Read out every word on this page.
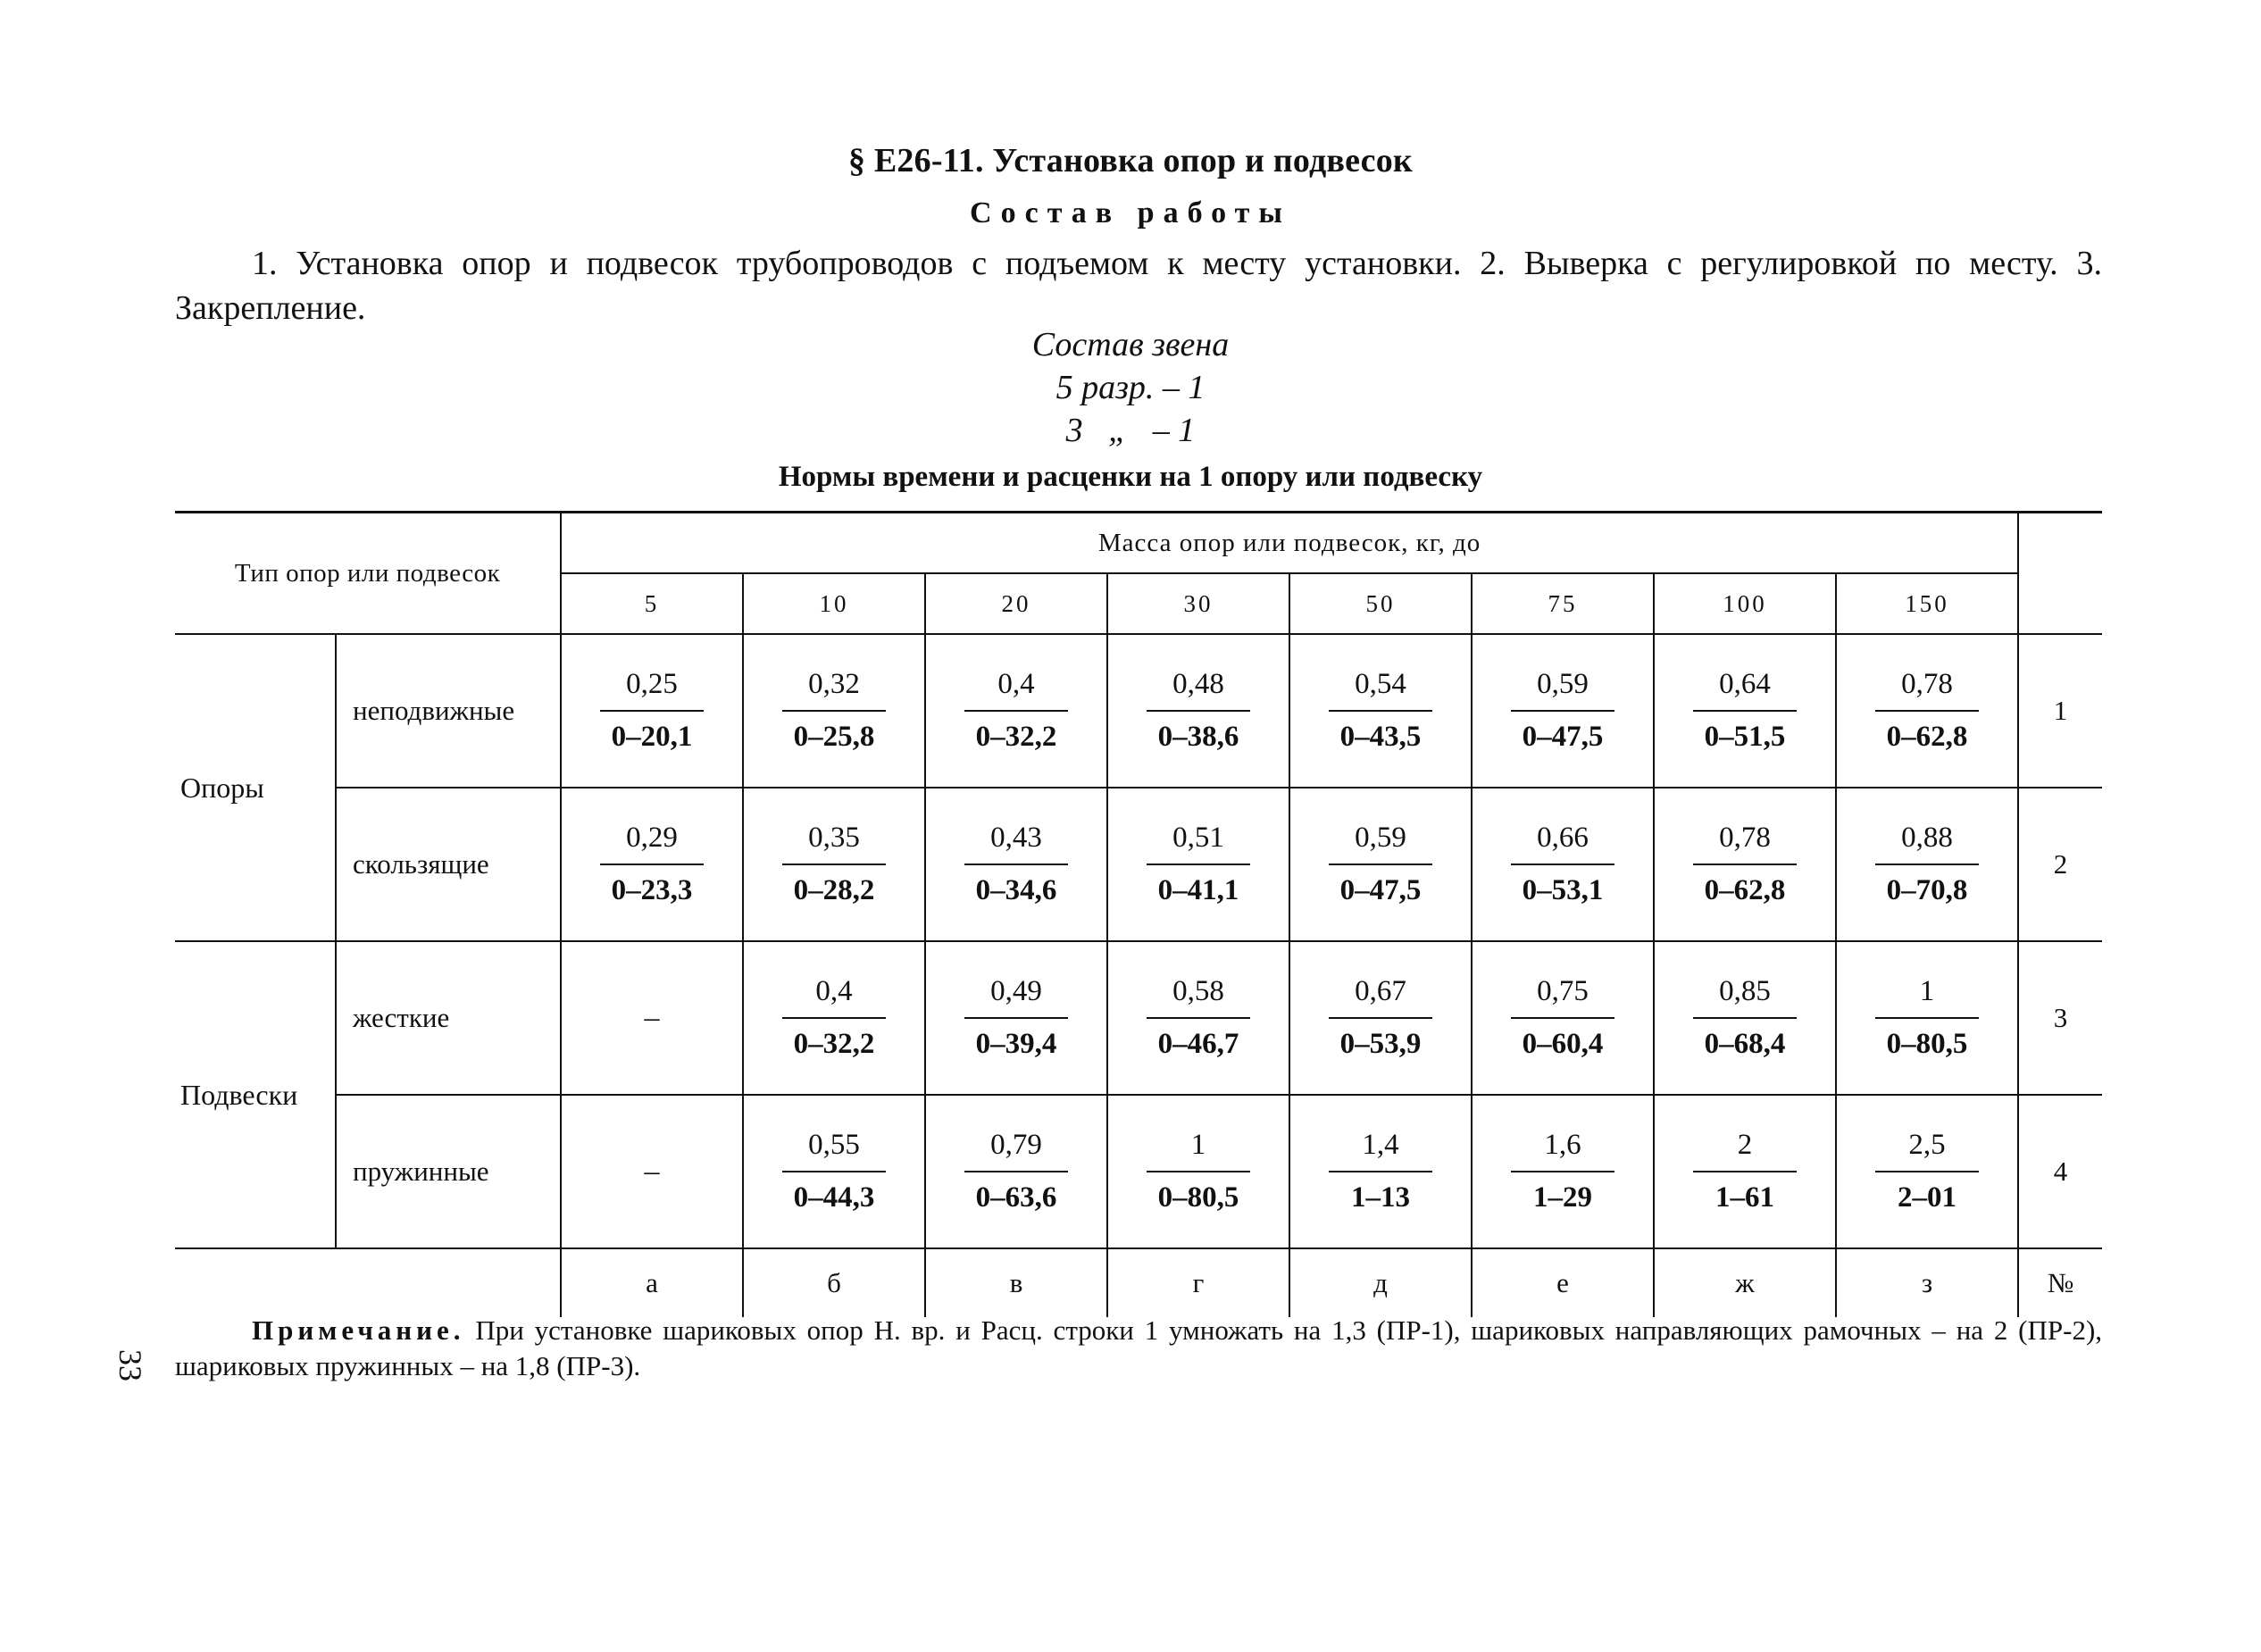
§ Е26-11. Установка опор и подвесок
Состав работы
1. Установка опор и подвесок трубопроводов с подъемом к месту установки. 2. Выверка с регулировкой по месту. 3. Закрепление.
Состав звена
5 разр. – 1
3   „   – 1
Нормы времени и расценки на 1 опору или подвеску
Тип опор или подвесок		Масса опор или подвесок, кг, до								
		5	10	20	30	50	75	100	150	
Опоры	неподвижные	$\frac{0,25}{0-20,1}$	$\frac{0,32}{0-25,8}$	$\frac{0,4}{0-32,2}$	$\frac{0,48}{0-38,6}$	$\frac{0,54}{0-43,5}$	$\frac{0,59}{0-47,5}$	$\frac{0,64}{0-51,5}$	$\frac{0,78}{0-62,8}$	1
	скользящие	$\frac{0,29}{0-23,3}$	$\frac{0,35}{0-28,2}$	$\frac{0,43}{0-34,6}$	$\frac{0,51}{0-41,1}$	$\frac{0,59}{0-47,5}$	$\frac{0,66}{0-53,1}$	$\frac{0,78}{0-62,8}$	$\frac{0,88}{0-70,8}$	2
Подвески	жесткие	–	$\frac{0,4}{0-32,2}$	$\frac{0,49}{0-39,4}$	$\frac{0,58}{0-46,7}$	$\frac{0,67}{0-53,9}$	$\frac{0,75}{0-60,4}$	$\frac{0,85}{0-68,4}$	$\frac{1}{0-80,5}$	3
	пружинные	–	$\frac{0,55}{0-44,3}$	$\frac{0,79}{0-63,6}$	$\frac{1}{0-80,5}$	$\frac{1,4}{1-13}$	$\frac{1,6}{1-29}$	$\frac{2}{1-61}$	$\frac{2,5}{2-01}$	4
		а	б	в	г	д	е	ж	з	№
Примечание. При установке шариковых опор Н. вр. и Расц. строки 1 умножать на 1,3 (ПР-1), шариковых направляющих рамочных – на 2 (ПР-2), шариковых пружинных – на 1,8 (ПР-3).
33
